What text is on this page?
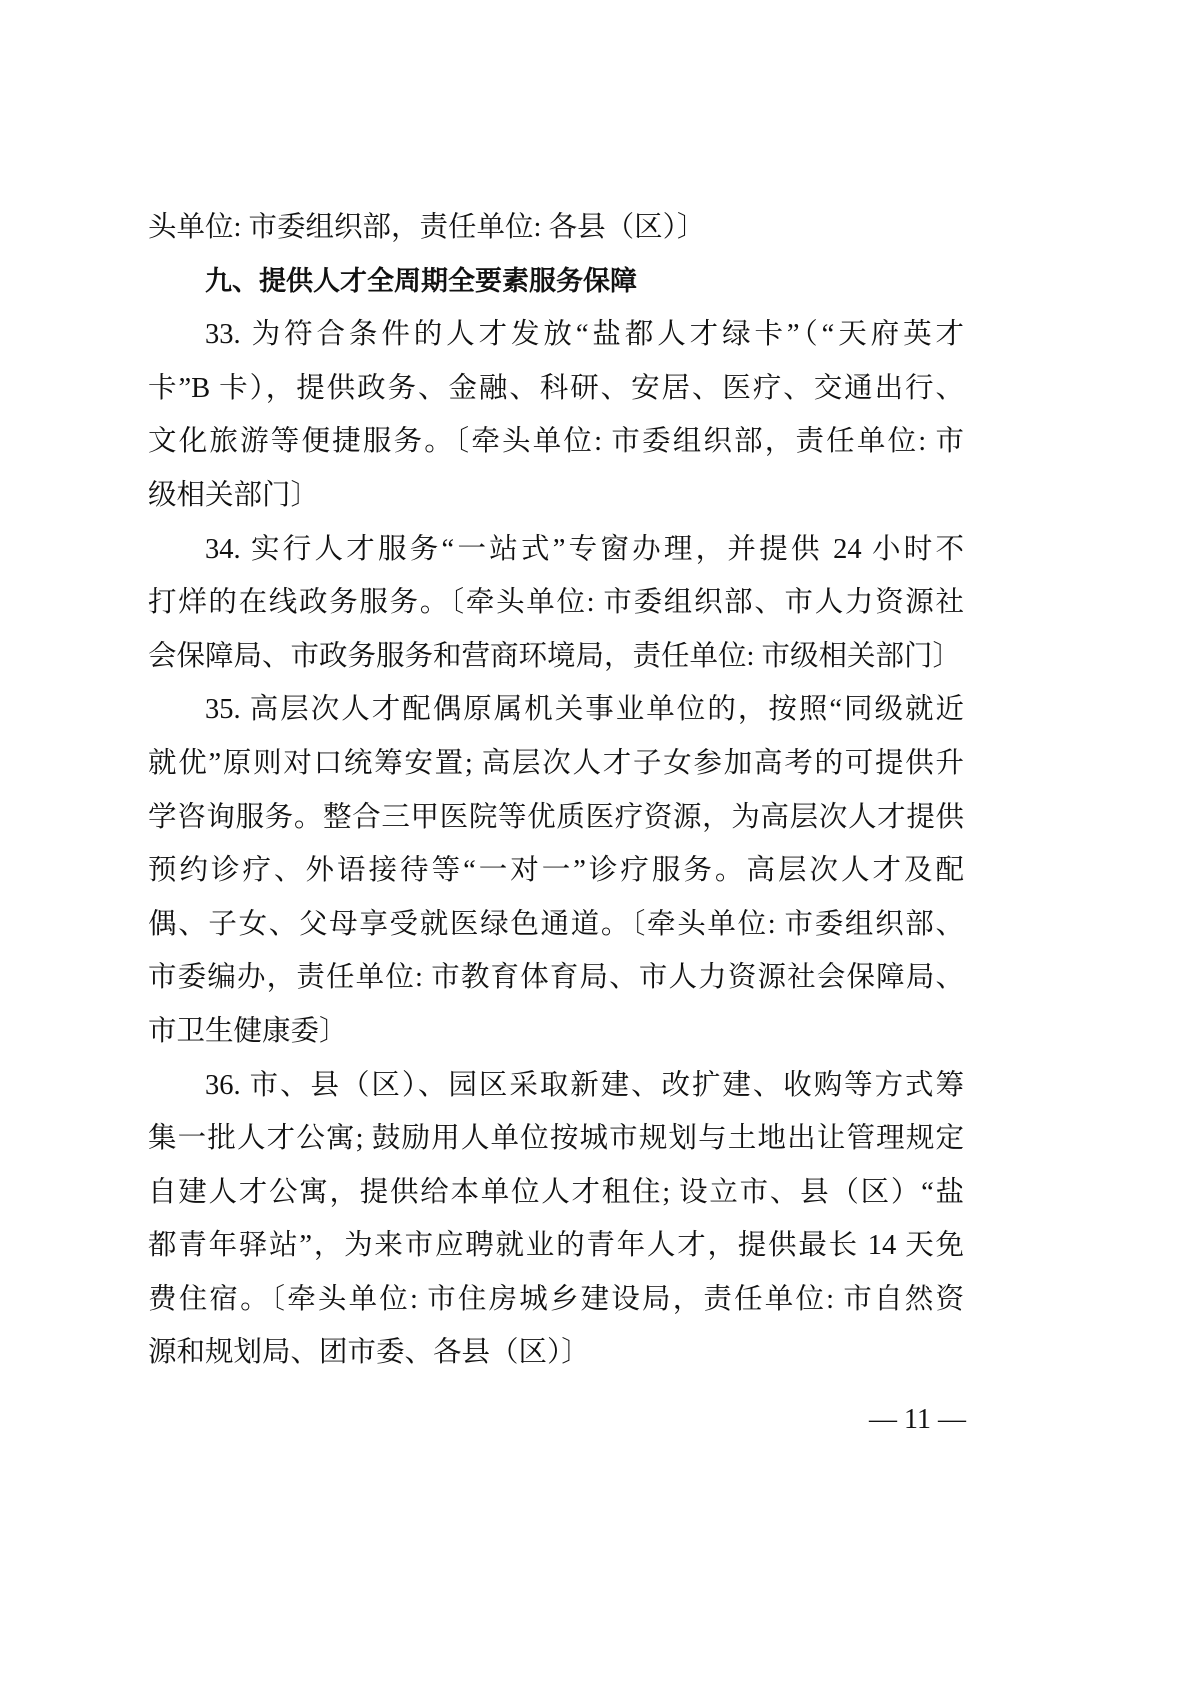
头单位: 市委组织部，责任单位: 各县（区）〕
九、提供人才全周期全要素服务保障
33. 为符合条件的人才发放“盐都人才绿卡”（“天府英才
卡”B 卡），提供政务、金融、科研、安居、医疗、交通出行、
文化旅游等便捷服务。〔牵头单位: 市委组织部，责任单位: 市
级相关部门〕
34. 实行人才服务“一站式”专窗办理，并提供 24 小时不
打烊的在线政务服务。〔牵头单位: 市委组织部、市人力资源社
会保障局、市政务服务和营商环境局，责任单位: 市级相关部门〕
35. 高层次人才配偶原属机关事业单位的，按照“同级就近
就优”原则对口统筹安置; 高层次人才子女参加高考的可提供升
学咨询服务。整合三甲医院等优质医疗资源，为高层次人才提供
预约诊疗、外语接待等“一对一”诊疗服务。高层次人才及配
偶、子女、父母享受就医绿色通道。〔牵头单位: 市委组织部、
市委编办，责任单位: 市教育体育局、市人力资源社会保障局、
市卫生健康委〕
36. 市、县（区）、园区采取新建、改扩建、收购等方式筹
集一批人才公寓; 鼓励用人单位按城市规划与土地出让管理规定
自建人才公寓，提供给本单位人才租住; 设立市、县（区）“盐
都青年驿站”，为来市应聘就业的青年人才，提供最长 14 天免
费住宿。〔牵头单位: 市住房城乡建设局，责任单位: 市自然资
源和规划局、团市委、各县（区）〕
— 11 —
